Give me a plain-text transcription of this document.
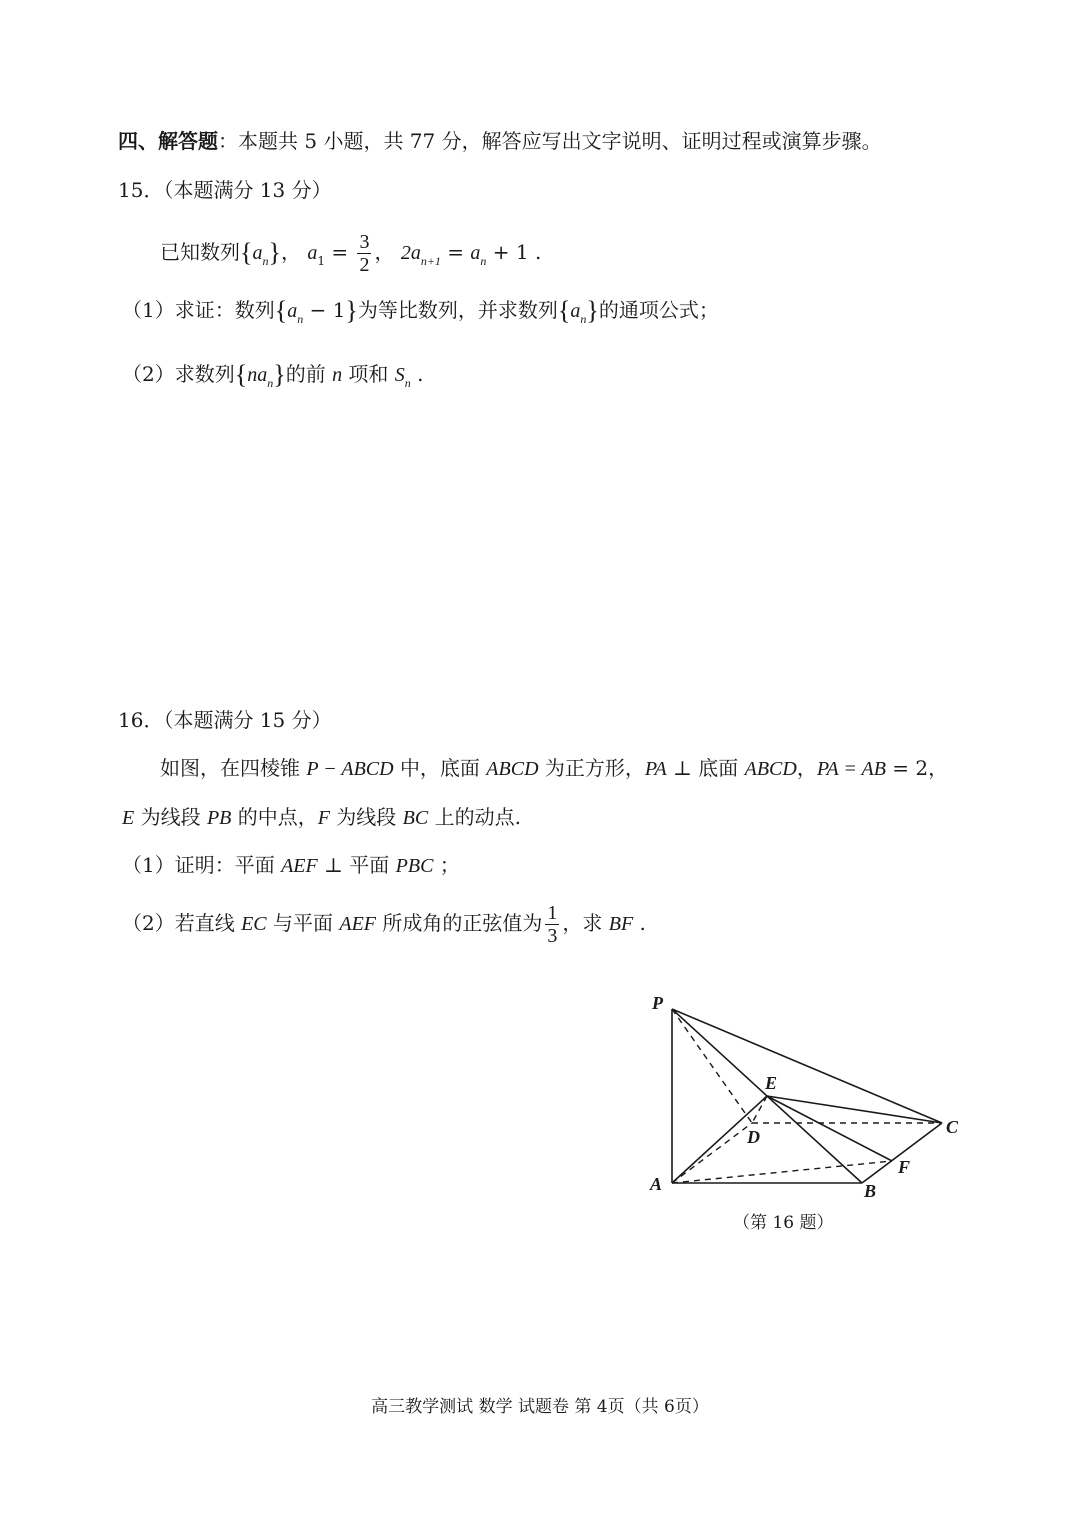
四、解答题：本题共 5 小题，共 77 分，解答应写出文字说明、证明过程或演算步骤。
15．（本题满分 13 分）
已知数列$\{a_n\}$， $a_1 = \frac{3}{2}$ ， $2a_{n+1} = a_n + 1$ .
（1）求证：数列$\{a_n - 1\}$为等比数列，并求数列$\{a_n\}$的通项公式；
（2）求数列$\{na_n\}$的前 n 项和 $S_n$ .
16．（本题满分 15 分）
如图，在四棱锥 P − ABCD 中，底面 ABCD 为正方形，PA ⊥ 底面 ABCD，PA = AB = 2，
E 为线段 PB 的中点，F 为线段 BC 上的动点.
（1）证明：平面 AEF ⊥ 平面 PBC ；
（2）若直线 EC 与平面 AEF 所成角的正弦值为 $\frac{1}{3}$ ，求 BF .
P
E
D	C
F
A	B
（第 16 题）
高三教学测试 数学 试题卷 第 4页（共 6页）
